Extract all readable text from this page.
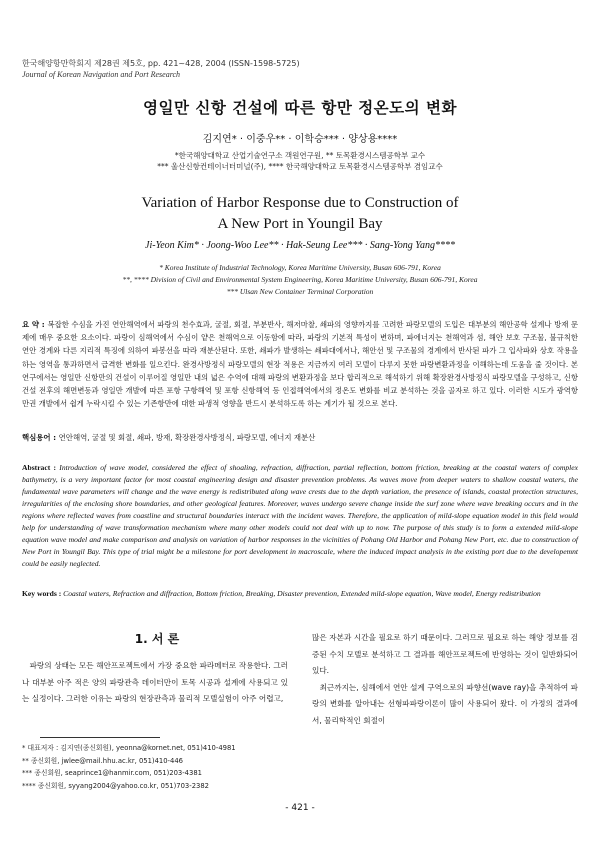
한국해양항만학회지 제28권 제5호, pp. 421~428, 2004 (ISSN-1598-5725)
Journal of Korean Navigation and Port Research
영일만 신항 건설에 따른 항만 정온도의 변화
김지연* · 이중우** · 이학승*** · 양상용****
*한국해양대학교 산업기술연구소 객원연구원, ** 토목환경시스템공학부 교수
*** 울산신항컨테이너터미널(주), **** 한국해양대학교 토목환경시스템공학부 겸임교수
Variation of Harbor Response due to Construction of
A New Port in Youngil Bay
Ji-Yeon Kim* · Joong-Woo Lee** · Hak-Seung Lee*** · Sang-Yong Yang****
* Korea Institute of Industrial Technology, Korea Maritime University, Busan 606-791, Korea
**, **** Division of Civil and Environmental System Engineering, Korea Maritime University, Busan 606-791, Korea
*** Ulsan New Container Terminal Corporation
요 약 : 복잡한 수심을 가진 연안해역에서 파랑의 천수효과, 굴절, 회절, 부분반사, 해저마찰, 쇄파의 영향까지를 고려한 파랑모델의 도입은 대부분의 해안공학 설계나 방재 문제에 매우 중요한 요소이다. 파랑이 심해역에서 수심이 얕은 천해역으로 이동함에 따라, 파랑의 기본적 특성이 변하며, 파에너지는 천해역과 섬, 해안 보호 구조물, 불규칙한 연안 경계와 다른 지리적 특징에 의하여 파봉선을 따라 재분산된다. 또한, 쇄파가 발생하는 쇄파대에서나, 해안선 및 구조물의 경계에서 반사된 파가 그 입사파와 상호 작용을 하는 영역을 통과하면서 급격한 변화를 일으킨다. 완경사방정식 파랑모델의 현장 적용은 지금까지 여러 모델이 다루지 못한 파랑변환과정을 이해하는데 도움을 줄 것이다. 본 연구에서는 영일만 신항만의 건설이 이루어질 영일만 내의 넓은 수역에 대해 파랑의 변환과정을 보다 합리적으로 해석하기 위해 확장완경사방정식 파랑모델을 구성하고, 신항건설 전후의 해면변동과 영일만 개발에 따른 포항 구항해역 및 포항 신항해역 등 인접해역에서의 정온도 변화를 비교 분석하는 것을 골자로 하고 있다. 이러한 시도가 광역항만권 개발에서 쉽게 누락시킬 수 있는 기존항만에 대한 파생적 영향을 반드시 분석하도록 하는 계기가 될 것으로 본다.
핵심용어 : 연안해역, 굴절 및 회절, 쇄파, 방재, 확장완경사방정식, 파랑모델, 에너지 재분산
Abstract : Introduction of wave model, considered the effect of shoaling, refraction, diffraction, partial reflection, bottom friction, breaking at the coastal waters of complex bathymetry, is a very important factor for most coastal engineering design and disaster prevention problems. As waves move from deeper waters to shallow coastal waters, the fundamental wave parameters will change and the wave energy is redistributed along wave crests due to the depth variation, the presence of islands, coastal protection structures, irregularities of the enclosing shore boundaries, and other geological features. Moreover, waves undergo severe change inside the surf zone where wave breaking occurs and in the regions where reflected waves from coastline and structural boundaries interact with the incident waves. Therefore, the application of mild-slope equation model in this field would help for understanding of wave transformation mechanism where many other models could not deal with up to now. The purpose of this study is to form a extended mild-slope equation wave model and make comparison and analysis on variation of harbor responses in the vicinities of Pohang Old Harbor and Pohang New Port, etc. due to construction of New Port in Youngil Bay. This type of trial might be a milestone for port development in macroscale, where the induced impact analysis in the existing port due to the developemnt could be easily neglected.
Key words : Coastal waters, Refraction and diffraction, Bottom friction, Breaking, Disaster prevention, Extended mild-slope equation, Wave model, Energy redistribution
1. 서 론

파랑의 상태는 모든 해안프로젝트에서 가장 중요한 파라메터로 작용한다. 그러나 대부분 아주 적은 양의 파랑관측 데이터만이 토목 시공과 설계에 사용되고 있는 실정이다. 그러한 이유는 파랑의 현장관측과 물리적 모델실험이 아주 어렵고,

많은 자본과 시간을 필요로 하기 때문이다. 그러므로 필요로 하는 해양 정보를 검증된 수치 모델로 분석하고 그 결과를 해안프로젝트에 반영하는 것이 일반화되어 있다.

최근까지는, 심해에서 연안 설계 구역으로의 파향선(wave ray)을 추적하여 파랑의 변화를 알아내는 선형파파랑이론이 많이 사용되어 왔다. 이 가정의 결과에서, 물리학적인 회절이

* 대표저자 : 김지연(종신회원), yeonna@kornet.net, 051)410-4981
** 종신회원, jwlee@mail.hhu.ac.kr, 051)410-446
*** 종신회원, seaprince1@hanmir.com, 051)203-4381
**** 종신회원, syyang2004@yahoo.co.kr, 051)703-2382
- 421 -
